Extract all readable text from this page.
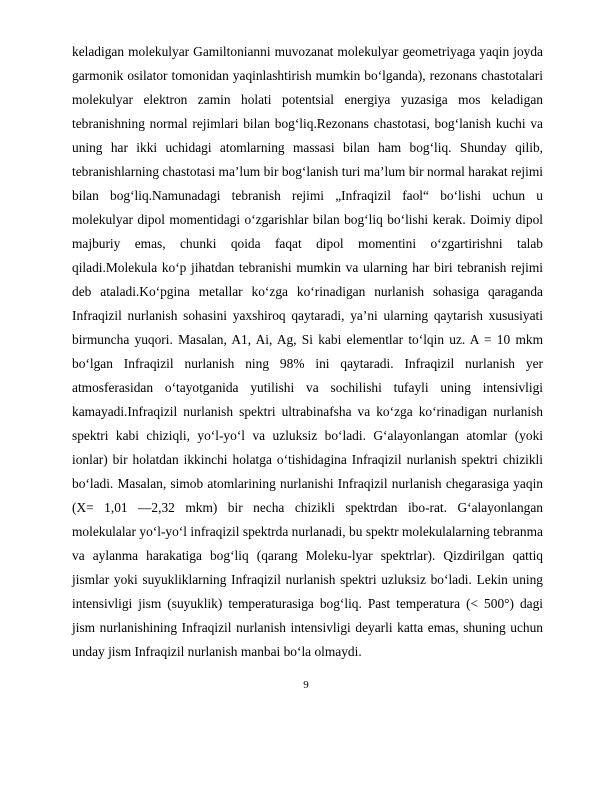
keladigan molekulyar Gamiltonianni muvozanat molekulyar geometriyaga yaqin joyda garmonik osilator tomonidan yaqinlashtirish mumkin bo‘lganda), rezonans chastotalari molekulyar elektron zamin holati potentsial energiya yuzasiga mos keladigan tebranishning normal rejimlari bilan bog‘liq.Rezonans chastotasi, bog‘lanish kuchi va uning har ikki uchidagi atomlarning massasi bilan ham bog‘liq. Shunday qilib, tebranishlarning chastotasi ma’lum bir bog‘lanish turi ma’lum bir normal harakat rejimi bilan bog‘liq.Namunadagi tebranish rejimi „Infraqizil faol“ bo‘lishi uchun u molekulyar dipol momentidagi o‘zgarishlar bilan bog‘liq bo‘lishi kerak. Doimiy dipol majburiy emas, chunki qoida faqat dipol momentini o‘zgartirishni talab qiladi.Molekula ko‘p jihatdan tebranishi mumkin va ularning har biri tebranish rejimi deb ataladi.Ko‘pgina metallar ko‘zga ko‘rinadigan nurlanish sohasiga qaraganda Infraqizil nurlanish sohasini yaxshiroq qaytaradi, ya’ni ularning qaytarish xususiyati birmuncha yuqori. Masalan, A1, Ai, Ag, Si kabi elementlar to‘lqin uz. A = 10 mkm bo‘lgan Infraqizil nurlanish ning 98% ini qaytaradi. Infraqizil nurlanish yer atmosferasidan o‘tayotganida yutilishi va sochilishi tufayli uning intensivligi kamayadi.Infraqizil nurlanish spektri ultrabinafsha va ko‘zga ko‘rinadigan nurlanish spektri kabi chiziqli, yo‘l-yo‘l va uzluksiz bo‘ladi. G‘alayonlangan atomlar (yoki ionlar) bir holatdan ikkinchi holatga o‘tishidagina Infraqizil nurlanish spektri chizikli bo‘ladi. Masalan, simob atomlarining nurlanishi Infraqizil nurlanish chegarasiga yaqin (X= 1,01 —2,32 mkm) bir necha chizikli spektrdan ibo-rat. G‘alayonlangan molekulalar yo‘l-yo‘l infraqizil spektrda nurlanadi, bu spektr molekulalarning tebranma va aylanma harakatiga bog‘liq (qarang Moleku-lyar spektrlar). Qizdirilgan qattiq jismlar yoki suyukliklarning Infraqizil nurlanish spektri uzluksiz bo‘ladi. Lekin uning intensivligi jism (suyuklik) temperaturasiga bog‘liq. Past temperatura (< 500°) dagi jism nurlanishining Infraqizil nurlanish intensivligi deyarli katta emas, shuning uchun unday jism Infraqizil nurlanish manbai bo‘la olmaydi.

9
